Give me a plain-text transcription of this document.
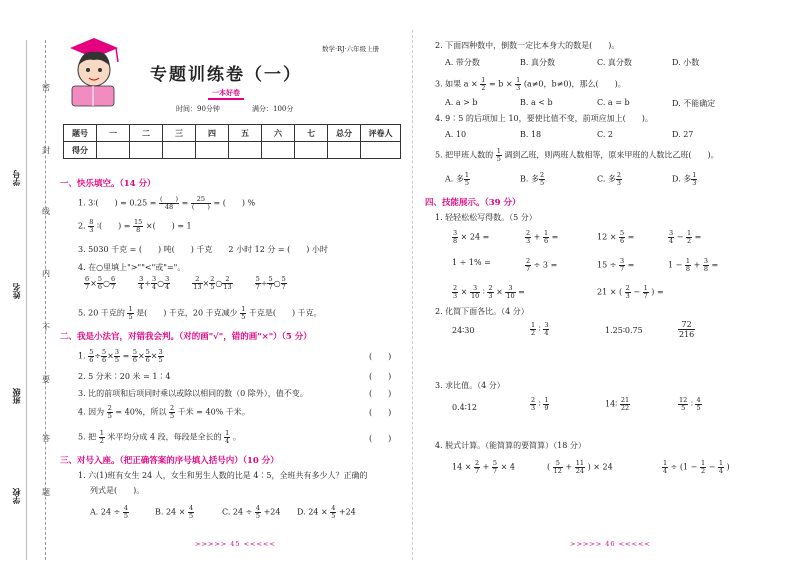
密
封
线
内
不
要
答
题
学号
姓名
班级
学校
数学·RJ·六年级上册
专题训练卷（一）
一本好卷
时间：90分钟	满分：100分
题号	一	二	三	四	五	六	七	总分	评卷人
得分									
一、快乐填空。（14 分）
1. 3∶(　　) = 0.25 = (　　)
48	=	25
(　　) = (　　) %
2. $\frac{8}{3}$ ∶(　　) = $\frac{15}{8}$ ×(　　) = 1
3. 5030 千克 = (　　) 吨(　　) 千克　　2 小时 12 分 = (　　) 小时
4. 在○里填上">""<"或"="。
$\frac{6}{7} \times \frac{5}{6}$ ○ $\frac{6}{7}$	$\frac{3}{4} \div \frac{3}{4}$ ○ $\frac{3}{4}$	$\frac{2}{13} \times \frac{2}{5}$ ○ $\frac{2}{13}$	$\frac{5}{7} \div \frac{5}{7}$ ○ $\frac{5}{7}$
5. 20 千克的 $\frac{1}{5}$ 是(　　) 千克，20 千克减少 $\frac{1}{5}$ 千克是(　　) 千克。
二、我是小法官，对错我会判。（对的画"√"，错的画"×"）（5 分）
1. $\frac{5}{6} \div \frac{5}{6} \times \frac{3}{5} = \frac{5}{6} \times \frac{5}{6} \times \frac{3}{5}$	(　　)
2. 5 分米∶20 米 = 1∶4	(　　)
3. 比的前项和后项同时乘以或除以相同的数（0 除外），值不变。	(　　)
4. 因为 $\frac{2}{5} = 40\%$，所以 $\frac{2}{5}$ 千米 = 40% 千米。	(　　)
5. 把 $\frac{1}{2}$ 米平均分成 4 段，每段是全长的 $\frac{1}{4}$ 。	(　　)
三、对号入座。（把正确答案的序号填入括号内）（10 分）
1. 六(1)班有女生 24 人，女生和男生人数的比是 4∶5，全班共有多少人？正确的
列式是(　　)。
A. $24 \div \frac{4}{5}$	B. $24 \times \frac{4}{5}$	C. $24 \div \frac{4}{5} +24$ D. $24 \times \frac{4}{5} +24$
>>>>> 45 <<<<<
2. 下面四种数中，倒数一定比本身大的数是(　　)。
A. 带分数	B. 真分数	C. 真分数	D. 小数
3. 如果 $a \times \frac{1}{2} = b \times \frac{1}{3} (a\ne 0$，b≠0)，那么(　　)。
A. a > b	B. a < b	C. a = b	D. 不能确定
4. 9∶5 的后项加上 10，要使比值不变，前项应加上(　　)。
A. 10	B. 18	C. 2	D. 27
5. 把甲班人数的 $\frac{1}{5}$ 调到乙班，则两班人数相等，原来甲班的人数比乙班(　　)。
A. 多 $\frac{1}{5}$	B. 多 $\frac{2}{5}$	C. 多 $\frac{2}{3}$	D. 多 $\frac{1}{3}$
四、技能展示。（39 分）
1. 轻轻松松写得数。（5 分）
$\frac{3}{8} \times 24$ =	$\frac{2}{3} + \frac{1}{6}$ =	$12 \times \frac{5}{6}$ =	$\frac{3}{4} - \frac{1}{2}$ =
1 ÷ 1% =	$\frac{2}{7} \div 3$ =	$15 \div \frac{3}{7}$ =	$1 - \frac{1}{8} + \frac{3}{8}$ =
$\frac{2}{3} \times \frac{3}{10}$ ∶ $\frac{2}{3} \times \frac{3}{10}$ =	21 × ( $\frac{2}{3} - \frac{1}{7}$ ) =
2. 化简下面各比。（4 分）
24∶30	$\frac{1}{2}$ ∶ $\frac{3}{4}$	1.25∶0.75	$\frac{72}{216}$
3. 求比值。（4 分）
0.4∶12	$\frac{2}{3}$ ∶ $\frac{1}{9}$	14∶ $\frac{21}{22}$	$\frac{12}{5}$ ∶ $\frac{4}{5}$
4. 脱式计算。（能简算的要简算）（18 分）
$14 \times \frac{2}{7} + \frac{5}{7} \times 4$	( $\frac{5}{12} + \frac{11}{24}$ ) × 24	$\frac{1}{4} \div (1 - \frac{1}{2} - \frac{1}{4}$ )
>>>>> 46 <<<<<
